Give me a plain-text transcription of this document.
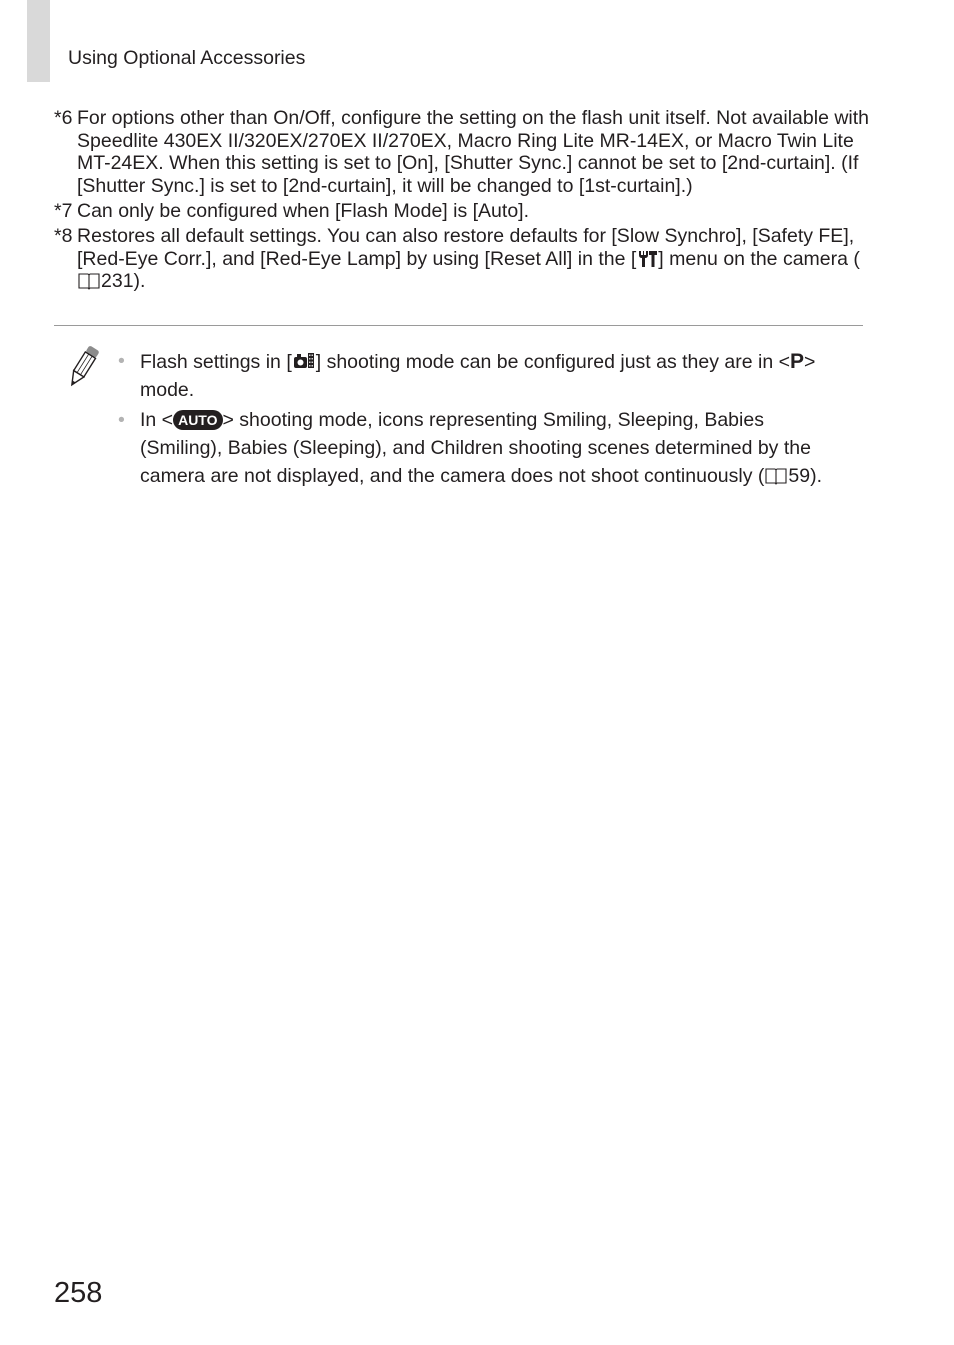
Using Optional Accessories
*6 For options other than On/Off, configure the setting on the flash unit itself. Not available with Speedlite 430EX II/320EX/270EX II/270EX, Macro Ring Lite MR-14EX, or Macro Twin Lite MT-24EX. When this setting is set to [On], [Shutter Sync.] cannot be set to [2nd-curtain]. (If [Shutter Sync.] is set to [2nd-curtain], it will be changed to [1st-curtain].)
*7 Can only be configured when [Flash Mode] is [Auto].
*8 Restores all default settings. You can also restore defaults for [Slow Synchro], [Safety FE], [Red-Eye Corr.], and [Red-Eye Lamp] by using [Reset All] in the [ ] menu on the camera (231).
• Flash settings in [ ] shooting mode can be configured just as they are in <P> mode.
• In < AUTO > shooting mode, icons representing Smiling, Sleeping, Babies (Smiling), Babies (Sleeping), and Children shooting scenes determined by the camera are not displayed, and the camera does not shoot continuously ( 59).
258
